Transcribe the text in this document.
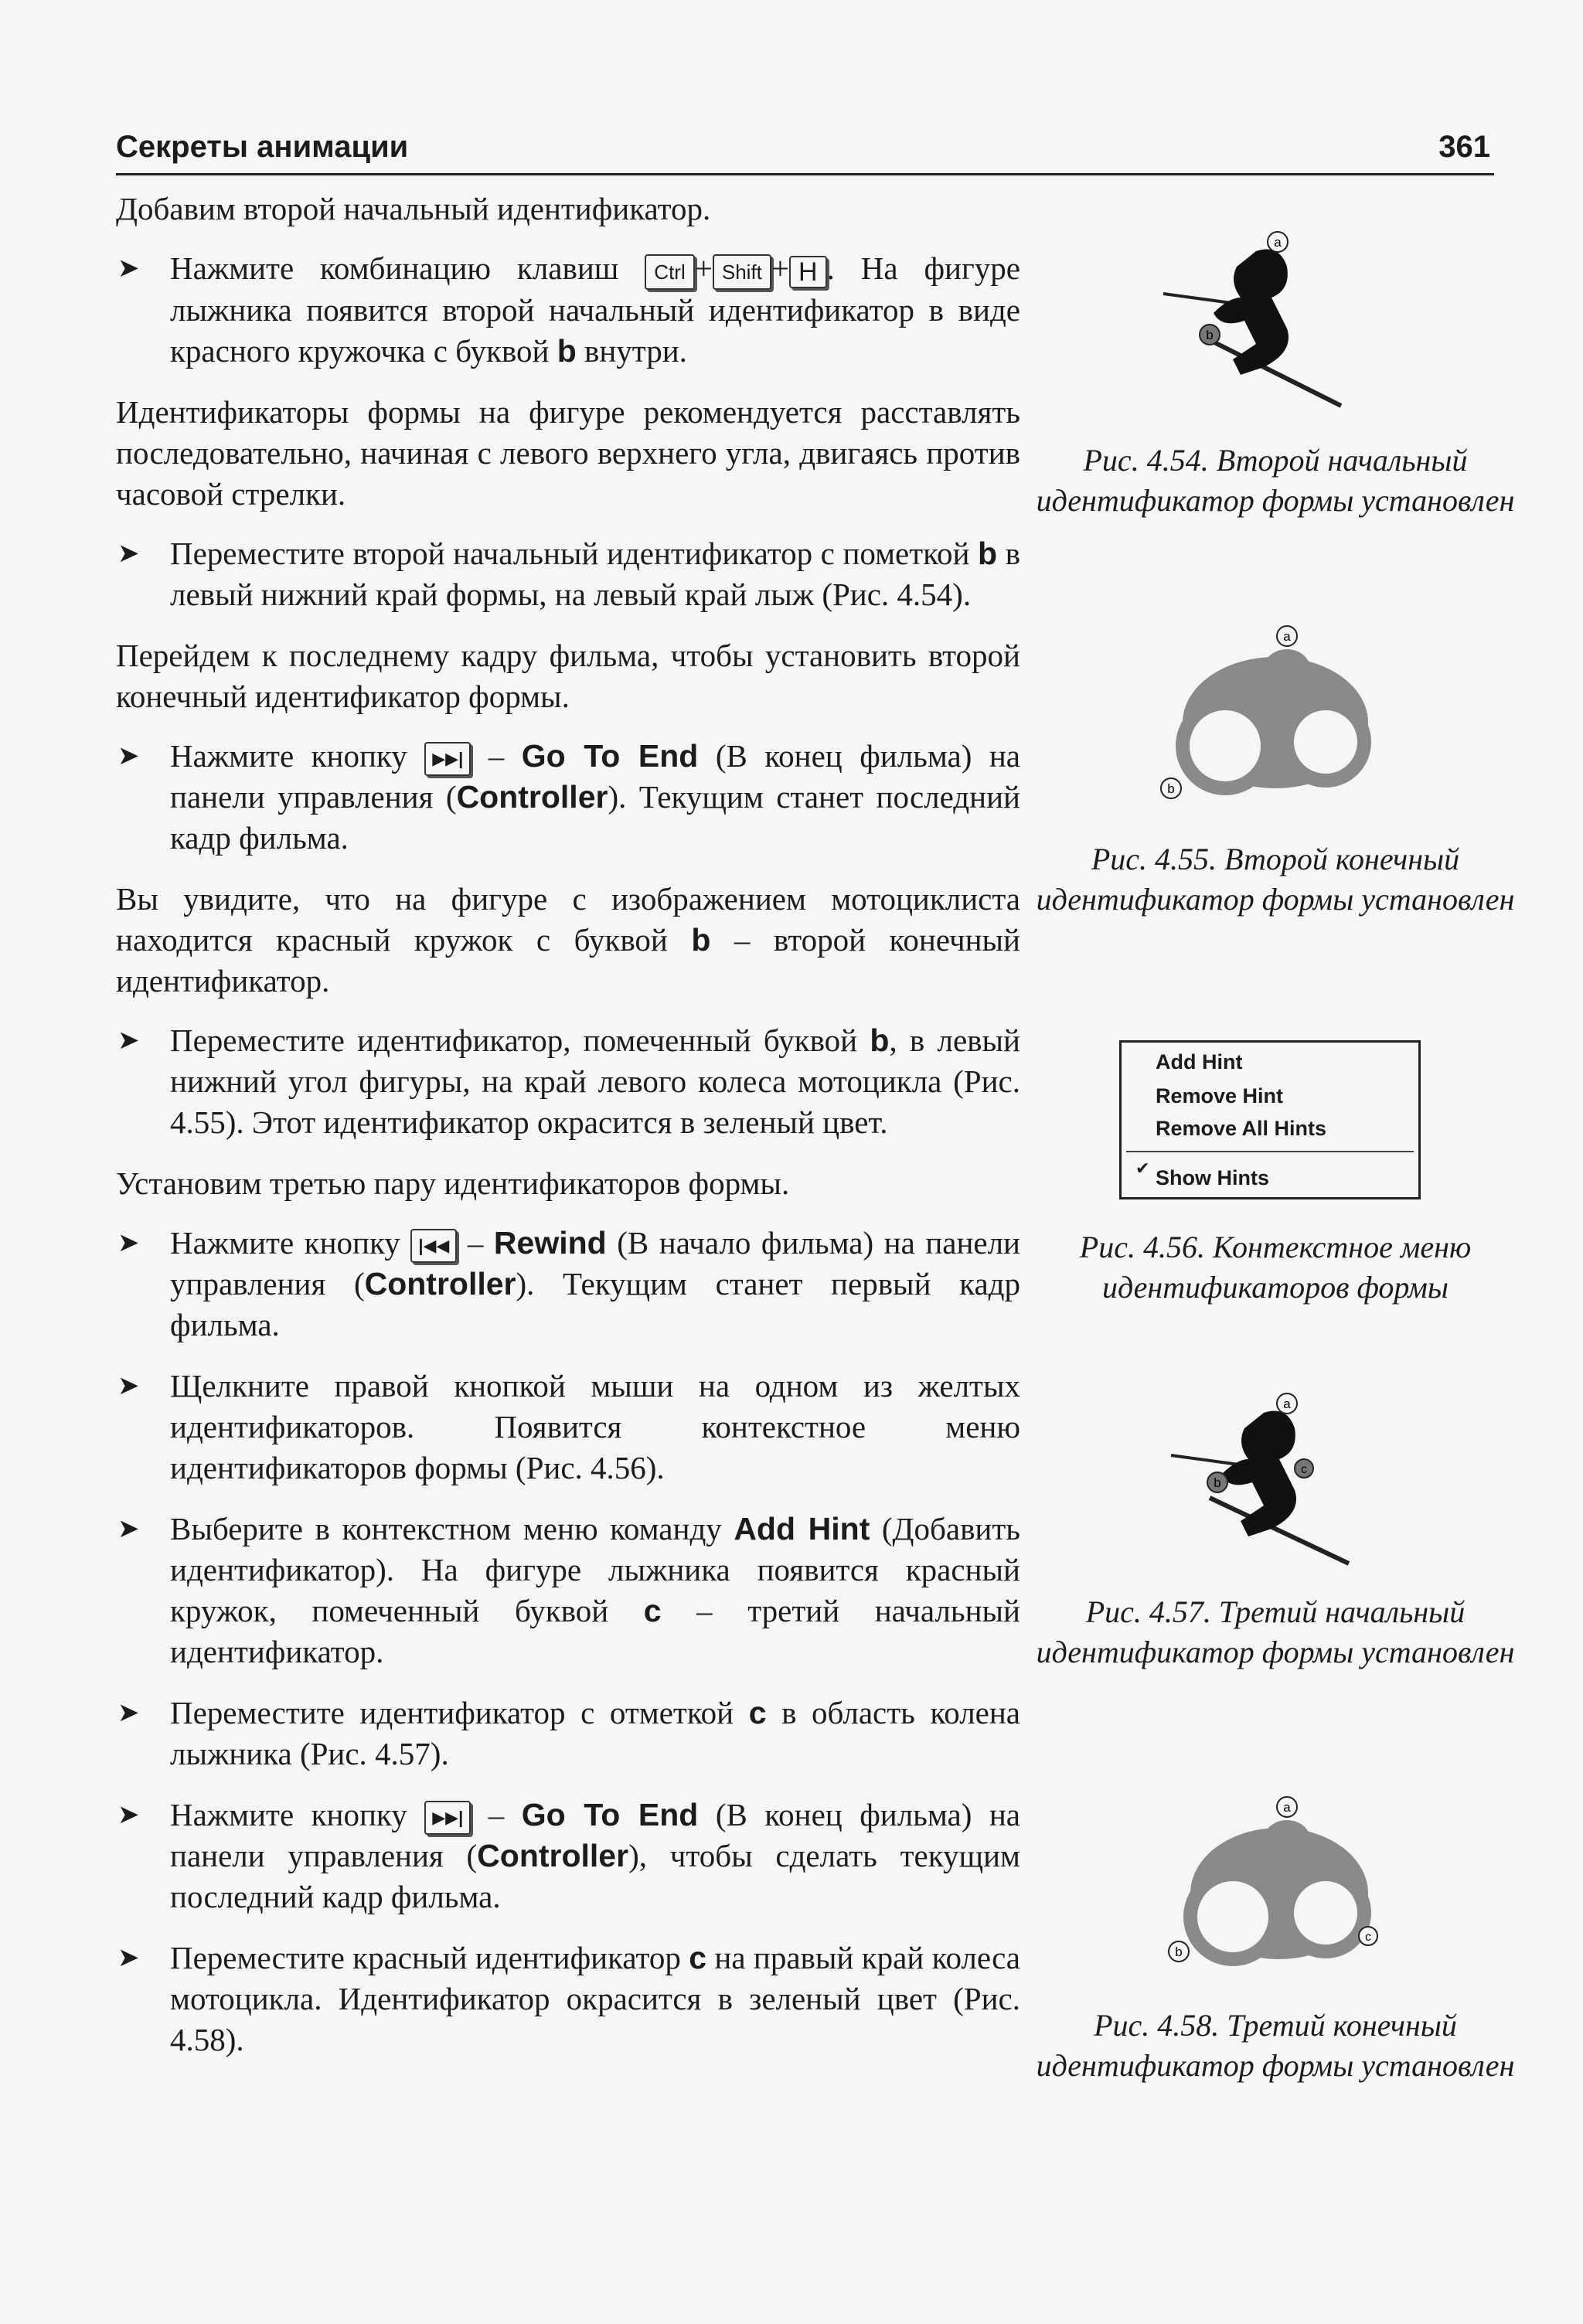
Секреты анимации	361

Добавим второй начальный идентификатор.

➤ Нажмите комбинацию клавиш Ctrl + Shift + H . На фигуре лыжника появится второй начальный идентификатор в виде красного кружочка с буквой b внутри.

Идентификаторы формы на фигуре рекомендуется расставлять последовательно, начиная с левого верхнего угла, двигаясь против часовой стрелки.

➤ Переместите второй начальный идентификатор с пометкой b в левый нижний край формы, на левый край лыж (Рис. 4.54).

Перейдем к последнему кадру фильма, чтобы установить второй конечный идентификатор формы.

➤ Нажмите кнопку ▶▶| – Go To End (В конец фильма) на панели управления (Controller). Текущим станет последний кадр фильма.

Вы увидите, что на фигуре с изображением мотоциклиста находится красный кружок с буквой b – второй конечный идентификатор.

➤ Переместите идентификатор, помеченный буквой b, в левый нижний угол фигуры, на край левого колеса мотоцикла (Рис. 4.55). Этот идентификатор окрасится в зеленый цвет.

Установим третью пару идентификаторов формы.

➤ Нажмите кнопку |◀◀ – Rewind (В начало фильма) на панели управления (Controller). Текущим станет первый кадр фильма.
➤ Щелкните правой кнопкой мыши на одном из желтых идентификаторов. Появится контекстное меню идентификаторов формы (Рис. 4.56).
➤ Выберите в контекстном меню команду Add Hint (Добавить идентификатор). На фигуре лыжника появится красный кружок, помеченный буквой c – третий начальный идентификатор.
➤ Переместите идентификатор с отметкой c в область колена лыжника (Рис. 4.57).
➤ Нажмите кнопку ▶▶| – Go To End (В конец фильма) на панели управления (Controller), чтобы сделать текущим последний кадр фильма.
➤ Переместите красный идентификатор c на правый край колеса мотоцикла. Идентификатор окрасится в зеленый цвет (Рис. 4.58).
a
b
Рис. 4.54. Второй начальный идентификатор формы установлен
a
b
Рис. 4.55. Второй конечный идентификатор формы установлен
Add Hint
Remove Hint
Remove All Hints
✔ Show Hints
Рис. 4.56. Контекстное меню идентификаторов формы
a
b
c
Рис. 4.57. Третий начальный идентификатор формы установлен
a
b
c
Рис. 4.58. Третий конечный идентификатор формы установлен
